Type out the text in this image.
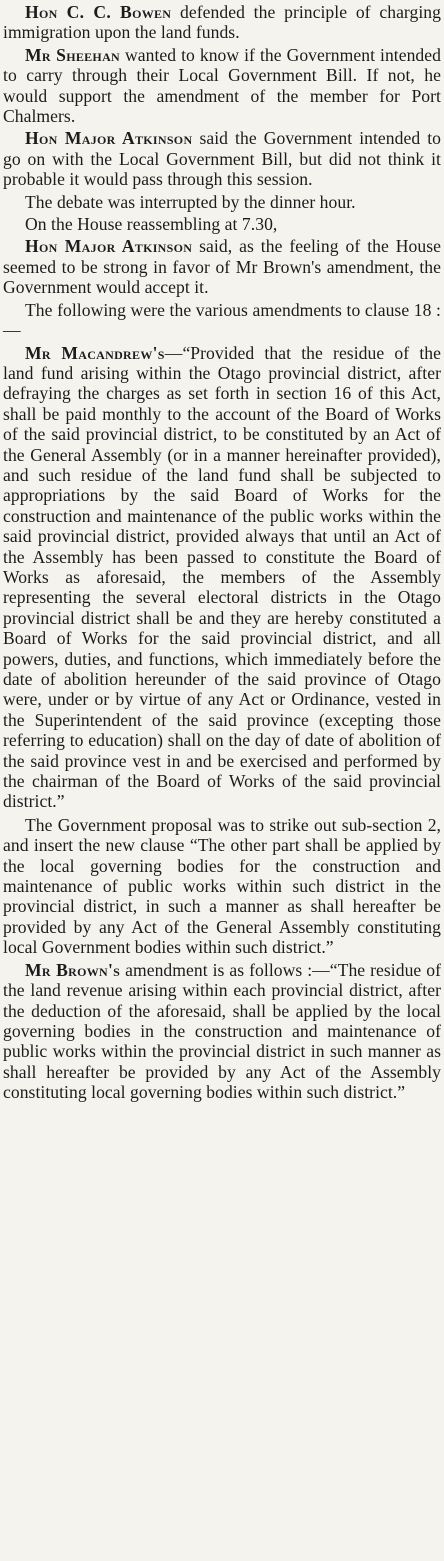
Hon C. C. Bowen defended the principle of charging immigration upon the land funds.

Mr Sheehan wanted to know if the Government intended to carry through their Local Government Bill. If not, he would support the amendment of the member for Port Chalmers.

Hon Major Atkinson said the Government intended to go on with the Local Government Bill, but did not think it probable it would pass through this session.

The debate was interrupted by the dinner hour.

On the House reassembling at 7.30,

Hon Major Atkinson said, as the feeling of the House seemed to be strong in favor of Mr Brown's amendment, the Government would accept it.

The following were the various amendments to clause 18 :—

Mr Macandrew's—“Provided that the residue of the land fund arising within the Otago provincial district, after defraying the charges as set forth in section 16 of this Act, shall be paid monthly to the account of the Board of Works of the said provincial district, to be constituted by an Act of the General Assembly (or in a manner hereinafter provided), and such residue of the land fund shall be subjected to appropriations by the said Board of Works for the construction and maintenance of the public works within the said provincial district, provided always that until an Act of the Assembly has been passed to constitute the Board of Works as aforesaid, the members of the Assembly representing the several electoral districts in the Otago provincial district shall be and they are hereby constituted a Board of Works for the said provincial district, and all powers, duties, and functions, which immediately before the date of abolition hereunder of the said province of Otago were, under or by virtue of any Act or Ordinance, vested in the Superintendent of the said province (excepting those referring to education) shall on the day of date of abolition of the said province vest in and be exercised and performed by the chairman of the Board of Works of the said provincial district.”

The Government proposal was to strike out sub-section 2, and insert the new clause “The other part shall be applied by the local governing bodies for the construction and maintenance of public works within such district in the provincial district, in such a manner as shall hereafter be provided by any Act of the General Assembly constituting local Government bodies within such district.”

Mr Brown's amendment is as follows :—“The residue of the land revenue arising within each provincial district, after the deduction of the aforesaid, shall be applied by the local governing bodies in the construction and maintenance of public works within the provincial district in such manner as shall hereafter be provided by any Act of the Assembly constituting local governing bodies within such district.”
